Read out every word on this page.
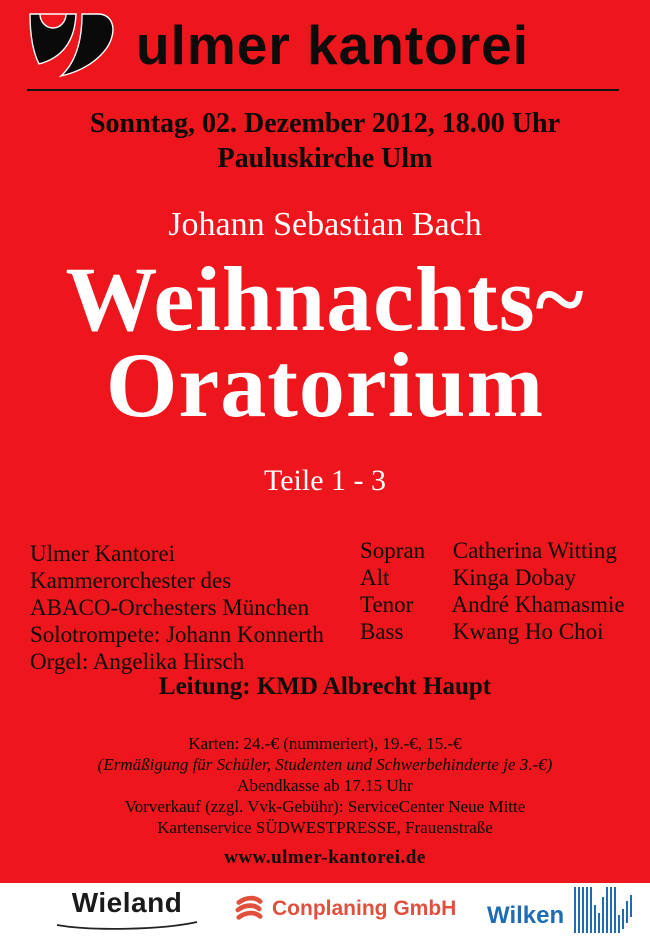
ulmer kantorei
Sonntag, 02. Dezember 2012, 18.00 Uhr
Pauluskirche Ulm
Johann Sebastian Bach
Weihnachts~
Oratorium
Teile 1 - 3
Ulmer Kantorei
Kammerorchester des
ABACO-Orchesters München
Solotrompete: Johann Konnerth
Orgel: Angelika Hirsch
Sopran Catherina Witting
Alt	Kinga Dobay
Tenor André Khamasmie
Bass Kwang Ho Choi
Leitung: KMD Albrecht Haupt
Karten: 24.-€ (nummeriert), 19.-€, 15.-€
(Ermäßigung für Schüler, Studenten und Schwerbehinderte je 3.-€)
Abendkasse ab 17.15 Uhr
Vorverkauf (zzgl. Vvk-Gebühr): ServiceCenter Neue Mitte
Kartenservice SÜDWESTPRESSE, Frauenstraße
www.ulmer-kantorei.de
Wieland	Conplaning GmbH Wilken
